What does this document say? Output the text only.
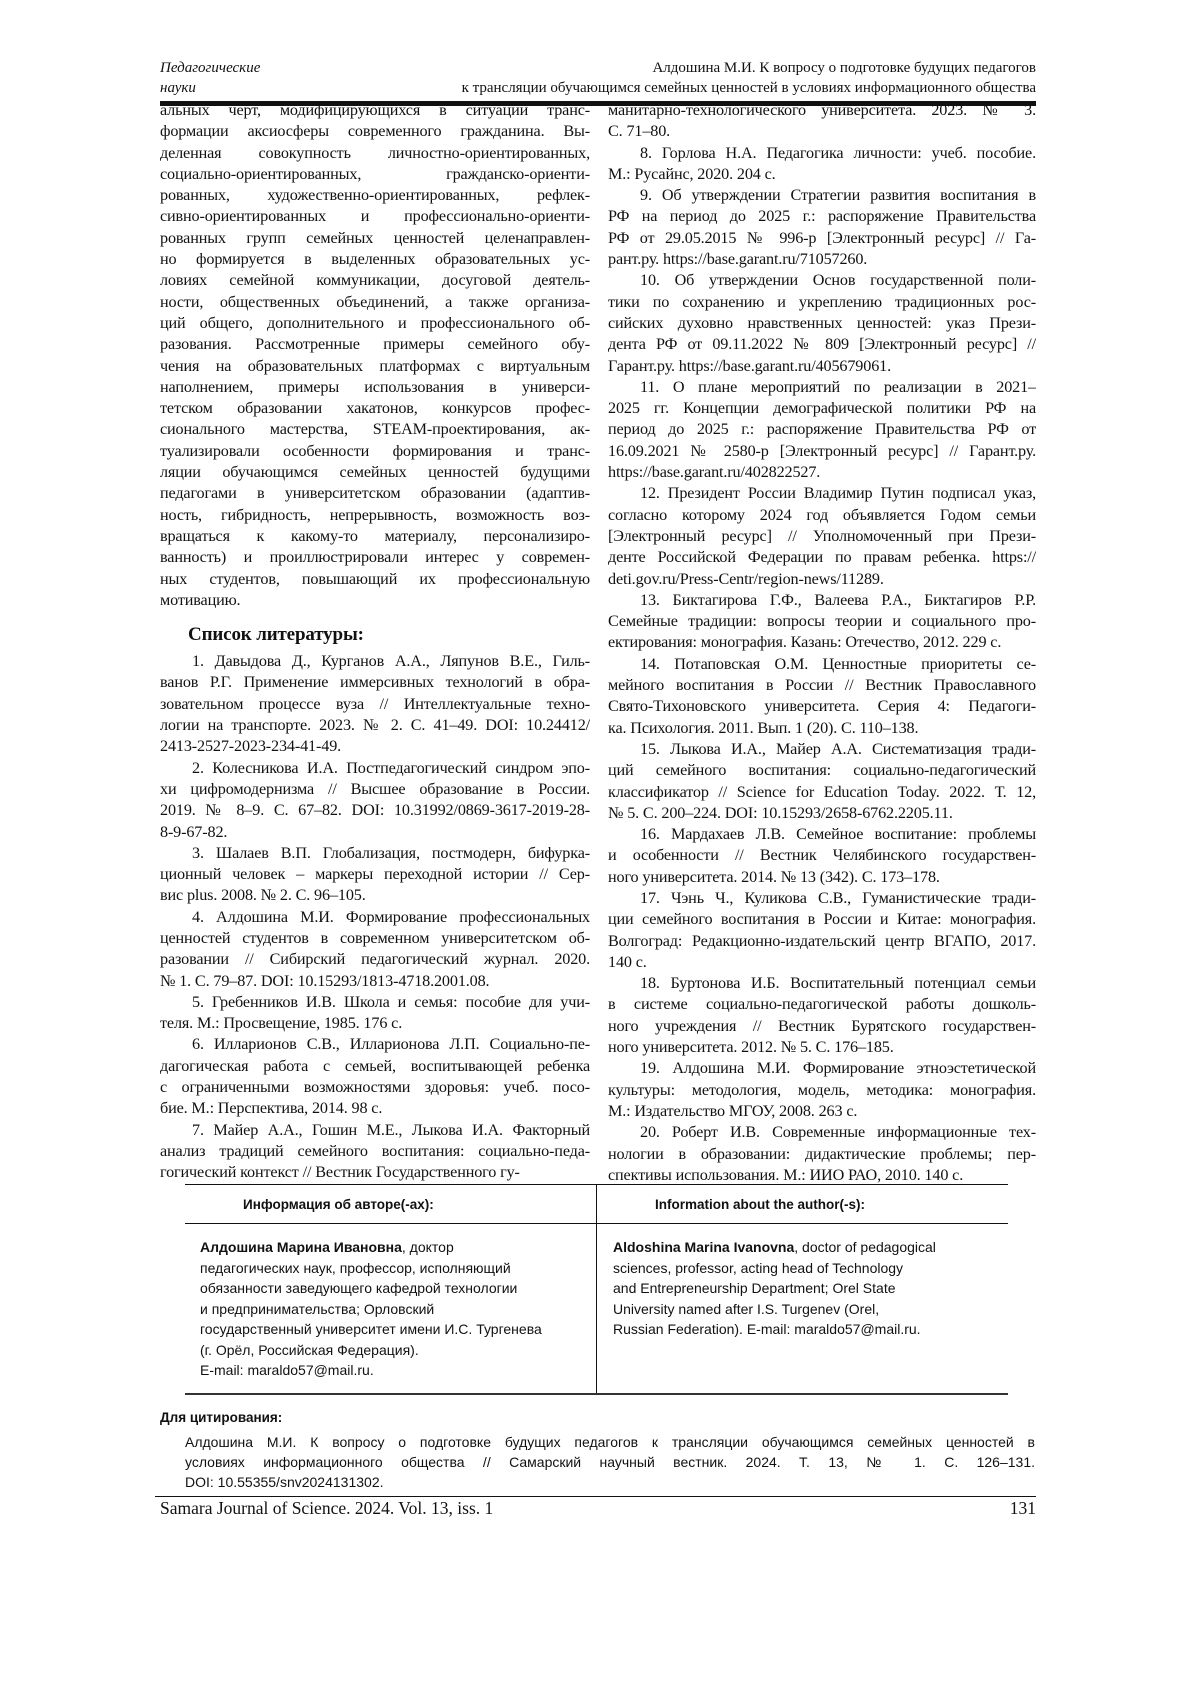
Педагогические
науки
Алдошина М.И. К вопросу о подготовке будущих педагогов
к трансляции обучающимся семейных ценностей в условиях информационного общества
альных черт, модифицирующихся в ситуации транс-
формации аксиосферы современного гражданина. Вы-
деленная совокупность личностно-ориентированных,
социально-ориентированных, гражданско-ориенти-
рованных, художественно-ориентированных, рефлек-
сивно-ориентированных и профессионально-ориенти-
рованных групп семейных ценностей целенаправлен-
но формируется в выделенных образовательных ус-
ловиях семейной коммуникации, досуговой деятель-
ности, общественных объединений, а также организа-
ций общего, дополнительного и профессионального об-
разования. Рассмотренные примеры семейного обу-
чения на образовательных платформах с виртуальным
наполнением, примеры использования в универси-
тетском образовании хакатонов, конкурсов профес-
сионального мастерства, STEAM-проектирования, ак-
туализировали особенности формирования и транс-
ляции обучающимся семейных ценностей будущими
педагогами в университетском образовании (адаптив-
ность, гибридность, непрерывность, возможность воз-
вращаться к какому-то материалу, персонализиро-
ванность) и проиллюстрировали интерес у современ-
ных студентов, повышающий их профессиональную
мотивацию.
Список литературы:
1. Давыдова Д., Курганов А.А., Ляпунов В.Е., Гиль-
ванов Р.Г. Применение иммерсивных технологий в обра-
зовательном процессе вуза // Интеллектуальные техно-
логии на транспорте. 2023. № 2. С. 41–49. DOI: 10.24412/
2413-2527-2023-234-41-49.
2. Колесникова И.А. Постпедагогический синдром эпо-
хи цифромодернизма // Высшее образование в России.
2019. № 8–9. С. 67–82. DOI: 10.31992/0869-3617-2019-28-
8-9-67-82.
3. Шалаев В.П. Глобализация, постмодерн, бифурка-
ционный человек – маркеры переходной истории // Сер-
вис plus. 2008. № 2. С. 96–105.
4. Алдошина М.И. Формирование профессиональных
ценностей студентов в современном университетском об-
разовании // Сибирский педагогический журнал. 2020.
№ 1. С. 79–87. DOI: 10.15293/1813-4718.2001.08.
5. Гребенников И.В. Школа и семья: пособие для учи-
теля. М.: Просвещение, 1985. 176 с.
6. Илларионов С.В., Илларионова Л.П. Социально-пе-
дагогическая работа с семьей, воспитывающей ребенка
с ограниченными возможностями здоровья: учеб. посо-
бие. М.: Перспектива, 2014. 98 с.
7. Майер А.А., Гошин М.Е., Лыкова И.А. Факторный
анализ традиций семейного воспитания: социально-педа-
гогический контекст // Вестник Государственного гу-
манитарно-технологического университета. 2023. № 3.
С. 71–80.
8. Горлова Н.А. Педагогика личности: учеб. пособие.
М.: Русайнс, 2020. 204 с.
9. Об утверждении Стратегии развития воспитания в
РФ на период до 2025 г.: распоряжение Правительства
РФ от 29.05.2015 № 996-р [Электронный ресурс] // Га-
рант.ру. https://base.garant.ru/71057260.
10. Об утверждении Основ государственной поли-
тики по сохранению и укреплению традиционных рос-
сийских духовно нравственных ценностей: указ Прези-
дента РФ от 09.11.2022 № 809 [Электронный ресурс] //
Гарант.ру. https://base.garant.ru/405679061.
11. О плане мероприятий по реализации в 2021–
2025 гг. Концепции демографической политики РФ на
период до 2025 г.: распоряжение Правительства РФ от
16.09.2021 № 2580-р [Электронный ресурс] // Гарант.ру.
https://base.garant.ru/402822527.
12. Президент России Владимир Путин подписал указ,
согласно которому 2024 год объявляется Годом семьи
[Электронный ресурс] // Уполномоченный при Прези-
денте Российской Федерации по правам ребенка. https://
deti.gov.ru/Press-Centr/region-news/11289.
13. Биктагирова Г.Ф., Валеева Р.А., Биктагиров Р.Р.
Семейные традиции: вопросы теории и социального про-
ектирования: монография. Казань: Отечество, 2012. 229 с.
14. Потаповская О.М. Ценностные приоритеты се-
мейного воспитания в России // Вестник Православного
Свято-Тихоновского университета. Серия 4: Педагоги-
ка. Психология. 2011. Вып. 1 (20). С. 110–138.
15. Лыкова И.А., Майер А.А. Систематизация тради-
ций семейного воспитания: социально-педагогический
классификатор // Science for Education Today. 2022. Т. 12,
№ 5. С. 200–224. DOI: 10.15293/2658-6762.2205.11.
16. Мардахаев Л.В. Семейное воспитание: проблемы
и особенности // Вестник Челябинского государствен-
ного университета. 2014. № 13 (342). С. 173–178.
17. Чэнь Ч., Куликова С.В., Гуманистические тради-
ции семейного воспитания в России и Китае: монография.
Волгоград: Редакционно-издательский центр ВГАПО, 2017.
140 с.
18. Буртонова И.Б. Воспитательный потенциал семьи
в системе социально-педагогической работы дошколь-
ного учреждения // Вестник Бурятского государствен-
ного университета. 2012. № 5. С. 176–185.
19. Алдошина М.И. Формирование этноэстетической
культуры: методология, модель, методика: монография.
М.: Издательство МГОУ, 2008. 263 с.
20. Роберт И.В. Современные информационные тех-
нологии в образовании: дидактические проблемы; пер-
спективы использования. М.: ИИО РАО, 2010. 140 с.
Информация об авторе(-ах):	Information about the author(-s):
Алдошина Марина Ивановна, доктор
педагогических наук, профессор, исполняющий
обязанности заведующего кафедрой технологии
и предпринимательства; Орловский
государственный университет имени И.С. Тургенева
(г. Орёл, Российская Федерация).
E-mail: maraldo57@mail.ru.
Aldoshina Marina Ivanovna, doctor of pedagogical
sciences, professor, acting head of Technology
and Entrepreneurship Department; Orel State
University named after I.S. Turgenev (Orel,
Russian Federation). E-mail: maraldo57@mail.ru.
Для цитирования:
Алдошина М.И. К вопросу о подготовке будущих педагогов к трансляции обучающимся семейных ценностей в
условиях информационного общества // Самарский научный вестник. 2024. Т. 13, № 1. С. 126–131.
DOI: 10.55355/snv2024131302.
Samara Journal of Science. 2024. Vol. 13, iss. 1	131
